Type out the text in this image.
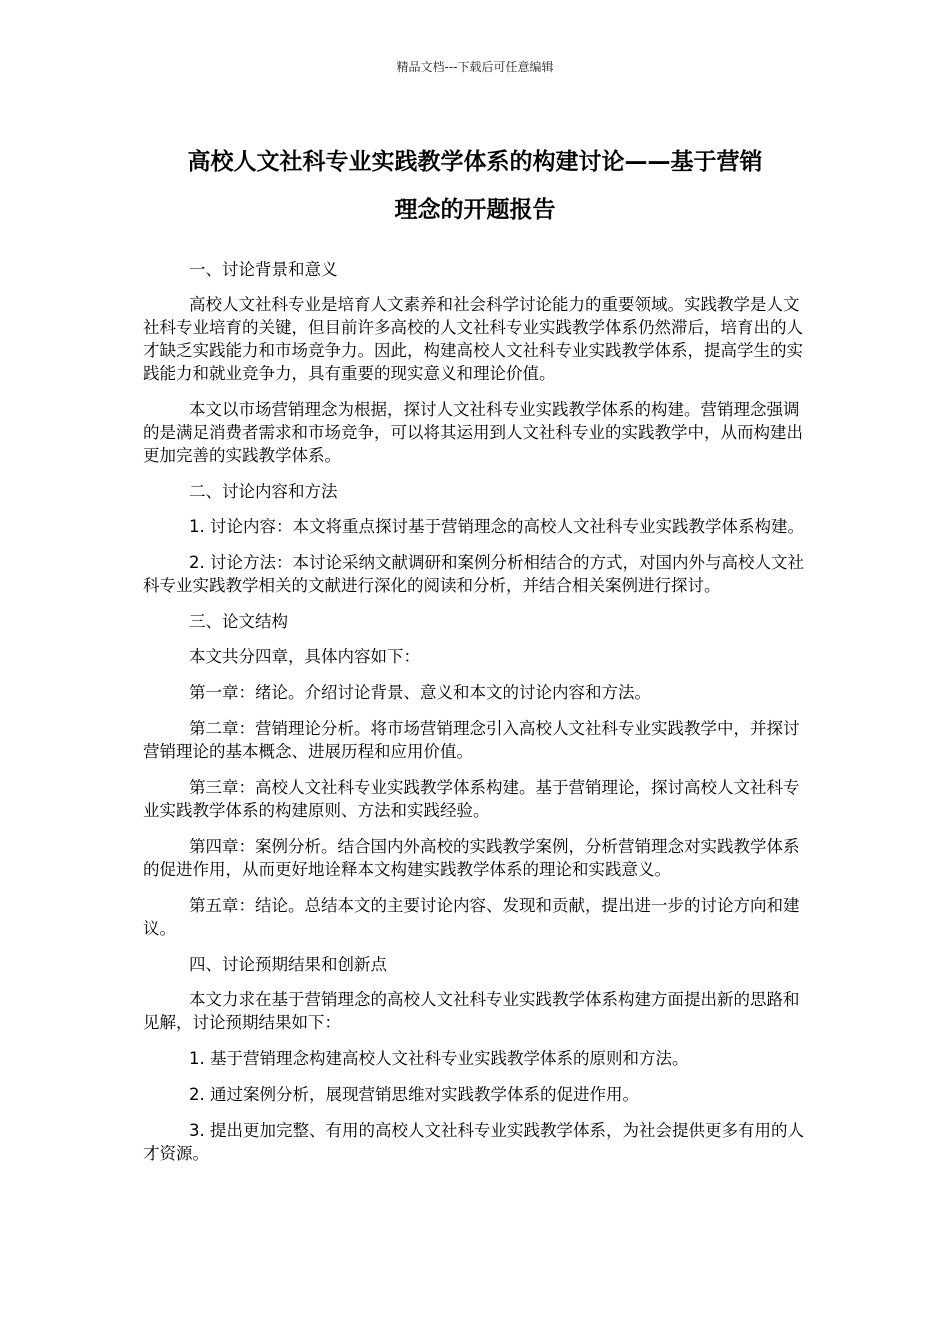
精品文档---下载后可任意编辑
高校人文社科专业实践教学体系的构建讨论——基于营销
理念的开题报告

一、讨论背景和意义

高校人文社科专业是培育人文素养和社会科学讨论能力的重要领域。实践教学是人文社科专业培育的关键，但目前许多高校的人文社科专业实践教学体系仍然滞后，培育出的人才缺乏实践能力和市场竞争力。因此，构建高校人文社科专业实践教学体系，提高学生的实践能力和就业竞争力，具有重要的现实意义和理论价值。

本文以市场营销理念为根据，探讨人文社科专业实践教学体系的构建。营销理念强调的是满足消费者需求和市场竞争，可以将其运用到人文社科专业的实践教学中，从而构建出更加完善的实践教学体系。

二、讨论内容和方法

1. 讨论内容：本文将重点探讨基于营销理念的高校人文社科专业实践教学体系构建。

2. 讨论方法：本讨论采纳文献调研和案例分析相结合的方式，对国内外与高校人文社科专业实践教学相关的文献进行深化的阅读和分析，并结合相关案例进行探讨。

三、论文结构

本文共分四章，具体内容如下：

第一章：绪论。介绍讨论背景、意义和本文的讨论内容和方法。

第二章：营销理论分析。将市场营销理念引入高校人文社科专业实践教学中，并探讨营销理论的基本概念、进展历程和应用价值。

第三章：高校人文社科专业实践教学体系构建。基于营销理论，探讨高校人文社科专业实践教学体系的构建原则、方法和实践经验。

第四章：案例分析。结合国内外高校的实践教学案例，分析营销理念对实践教学体系的促进作用，从而更好地诠释本文构建实践教学体系的理论和实践意义。

第五章：结论。总结本文的主要讨论内容、发现和贡献，提出进一步的讨论方向和建议。

四、讨论预期结果和创新点

本文力求在基于营销理念的高校人文社科专业实践教学体系构建方面提出新的思路和见解，讨论预期结果如下：

1. 基于营销理念构建高校人文社科专业实践教学体系的原则和方法。

2. 通过案例分析，展现营销思维对实践教学体系的促进作用。

3. 提出更加完整、有用的高校人文社科专业实践教学体系，为社会提供更多有用的人才资源。
